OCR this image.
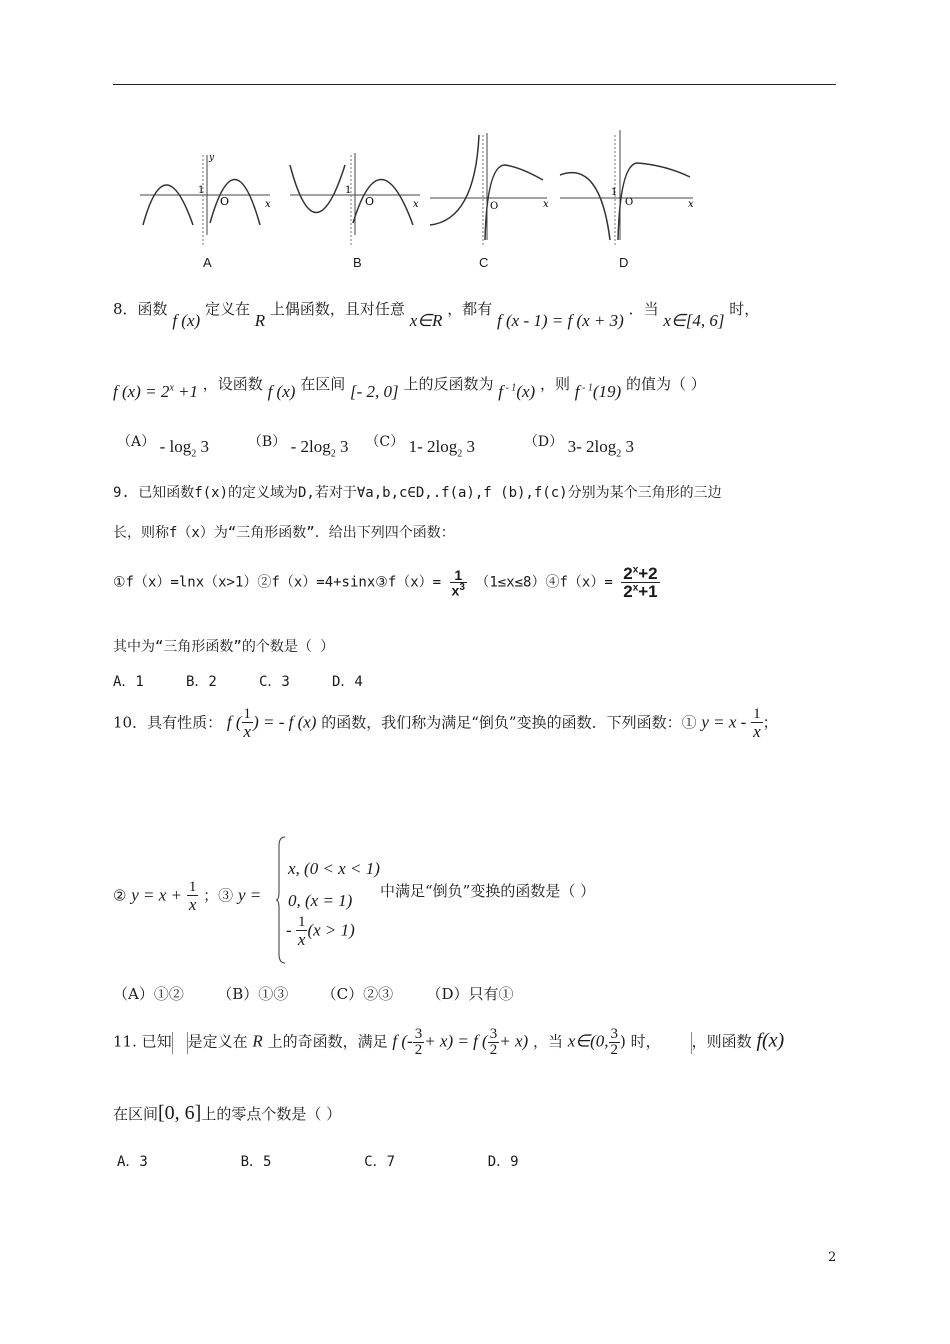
1
O	x
y
1
O	x	O	x
1
O	x
A	B	C	D
8．函数 f (x) 定义在 R 上偶函数，且对任意 x∈R ，都有 f (x - 1) = f (x + 3) ．当 x∈[4, 6] 时，
f $(x) = 2^x +1$ ，设函数 f (x) 在区间 [- 2, 0] 上的反函数为 f $^{- 1}$(x) ，则 f $^{- 1}$(19) 的值为（ ）
$(A) - \log_2 3$	$(B) - 2\log_2$ 3 （C） 1- $2\log_2$ 3	（D） 3- $2\log_2$ 3
9. 已知函数f(x)的定义域为D,若对于∀a,b,c∈D,.f(a),f (b),f(c)分别为某个三角形的三边
长，则称f（x）为“三角形函数”．给出下列四个函数：
①f（x）=lnx（x>1）②f（x）=4+sinx③f（x）= $\frac{1}{x^3}$ （1≤x≤8）④f（x）= $\frac{2^x+2}{2^x+1}$
其中为“三角形函数”的个数是（ ）
A．1     B．2     C．3     D．4
10．具有性质： f ( $\frac{1}{x}$ ) = - f (x) 的函数，我们称为满足“倒负”变换的函数．下列函数：① $y = x - \frac{1}{x}$ ；
② $y = x + \frac{1}{x}$ ；③ y =
x, (0 < x < 1)
0, (x = 1)
- $\frac{1}{x} (x > 1)$
中满足“倒负”变换的函数是（ ）
（A）①②       （B）①③       （C）②③       （D）只有①
11. 已知 是定义在 R 上的奇函数，满足 f (- $\frac{3}{2} + x) = f$ ( $\frac{3}{2} + x$) ，当 x∈(0, $\frac{3}{2}$ ) 时， ，则函数 f(x)
在区间[0, 6]上的零点个数是（ ）
A．3           B．5           C．7           D．9
2
